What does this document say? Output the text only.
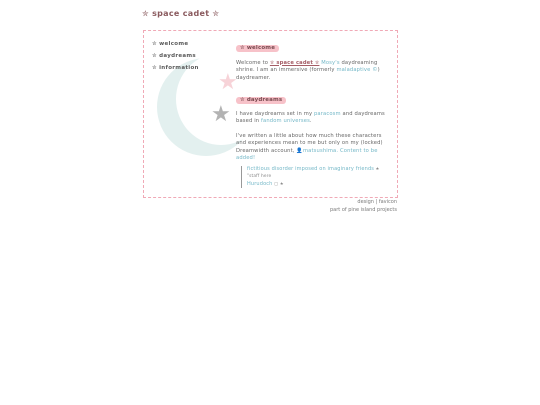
✮ space cadet ✮
★
★
✮ welcome
✮ daydreams
✮ information
✮ welcome

Welcome to ✮ space cadet ✮ Mosy's daydreaming shrine. I am an immersive (formerly maladaptive ©) daydreamer.

✮ daydreams

I have daydreams set in my paracosm and daydreams based in fandom universes.

I've written a little about how much these characters and experiences mean to me but only on my (locked) Dreamwidth account, 👤matsushima. Content to be added!

fictitious disorder imposed on imaginary friends ★ "staff here
Hurudoch ▢ ★
design | favicon
part of pine island projects
